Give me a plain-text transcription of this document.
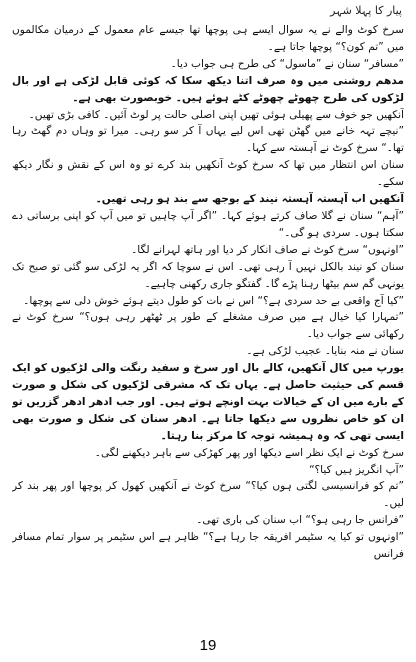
پیار کا پہلا شہر

سرخ کوٹ والے نے یہ سوال ایسے ہی پوچھا تھا جیسے عام معمول کے درمیان مکالموں میں ”تم کون؟“ پوچھا جاتا ہے۔

”مسافر“ سنان نے ”ماسول“ کی طرح ہی جواب دیا۔

مدھم روشنی میں وہ صرف اتنا دیکھ سکا کہ کوئی قابل لڑکی ہے اور بال لڑکوں کی طرح چھوٹے چھوٹے کٹے ہوئے ہیں۔ خوبصورت بھی ہے۔

آنکھیں جو خوف سے پھیلی ہوئی تھیں اپنی اصلی حالت پر لوٹ آئیں۔ کافی بڑی تھیں۔

”نیچے تہہ خانے میں گھٹن تھی اس لیے یہاں آ کر سو رہی۔ میرا تو وہاں دم گھٹ رہا تھا۔“ سرخ کوٹ نے آہستہ سے کہا۔

سنان اس انتظار میں تھا کہ سرخ کوٹ آنکھیں بند کرے تو وہ اس کے نقش و نگار دیکھ سکے۔

آنکھیں اب آہستہ آہستہ نیند کے بوجھ سے بند ہو رہی تھیں۔

”آہم“ سنان نے گلا صاف کرتے ہوئے کہا۔ ”اگر آپ چاہیں تو میں آپ کو اپنی برساتی دے سکتا ہوں۔ سردی ہو گی۔“

”اونہوں“ سرخ کوٹ نے صاف انکار کر دیا اور ہاتھ لہرانے لگا۔

سنان کو نیند بالکل نہیں آ رہی تھی۔ اس نے سوچا کہ اگر یہ لڑکی سو گئی تو صبح تک یونہی گم سم بیٹھا رہنا پڑے گا۔ گفتگو جاری رکھنی چاہیے۔

”کیا آج واقعی بے حد سردی ہے؟“ اس نے بات کو طول دیتے ہوئے خوش دلی سے پوچھا۔

”تمہارا کیا خیال ہے میں صرف مشغلے کے طور پر ٹھٹھر رہی ہوں؟“ سرخ کوٹ نے رکھائی سے جواب دیا۔

سنان نے منہ بنایا۔ عجیب لڑکی ہے۔

یورپ میں کال آنکھیں، کالے بال اور سرخ و سفید رنگت والی لڑکیوں کو ایک قسم کی حیثیت حاصل ہے۔ یہاں تک کہ مشرقی لڑکیوں کی شکل و صورت کے بارے میں ان کے خیالات بہت اونچے ہوتے ہیں۔ اور جب ادھر ادھر گزریں تو ان کو خاص نظروں سے دیکھا جاتا ہے۔ ادھر سنان کی شکل و صورت بھی ایسی تھی کہ وہ ہمیشہ توجہ کا مرکز بنا رہتا۔

سرخ کوٹ نے ایک نظر اسے دیکھا اور پھر کھڑکی سے باہر دیکھنے لگی۔

”آپ انگریز ہیں کیا؟“

”تم کو فرانسیسی لگتی ہوں کیا؟“ سرخ کوٹ نے آنکھیں کھول کر پوچھا اور پھر بند کر لیں۔

”فرانس جا رہی ہو؟“ اب سنان کی باری تھی۔

”اونہوں تو کیا یہ سٹیمر افریقہ جا رہا ہے؟“ ظاہر ہے اس سٹیمر پر سوار تمام مسافر فرانس

19
